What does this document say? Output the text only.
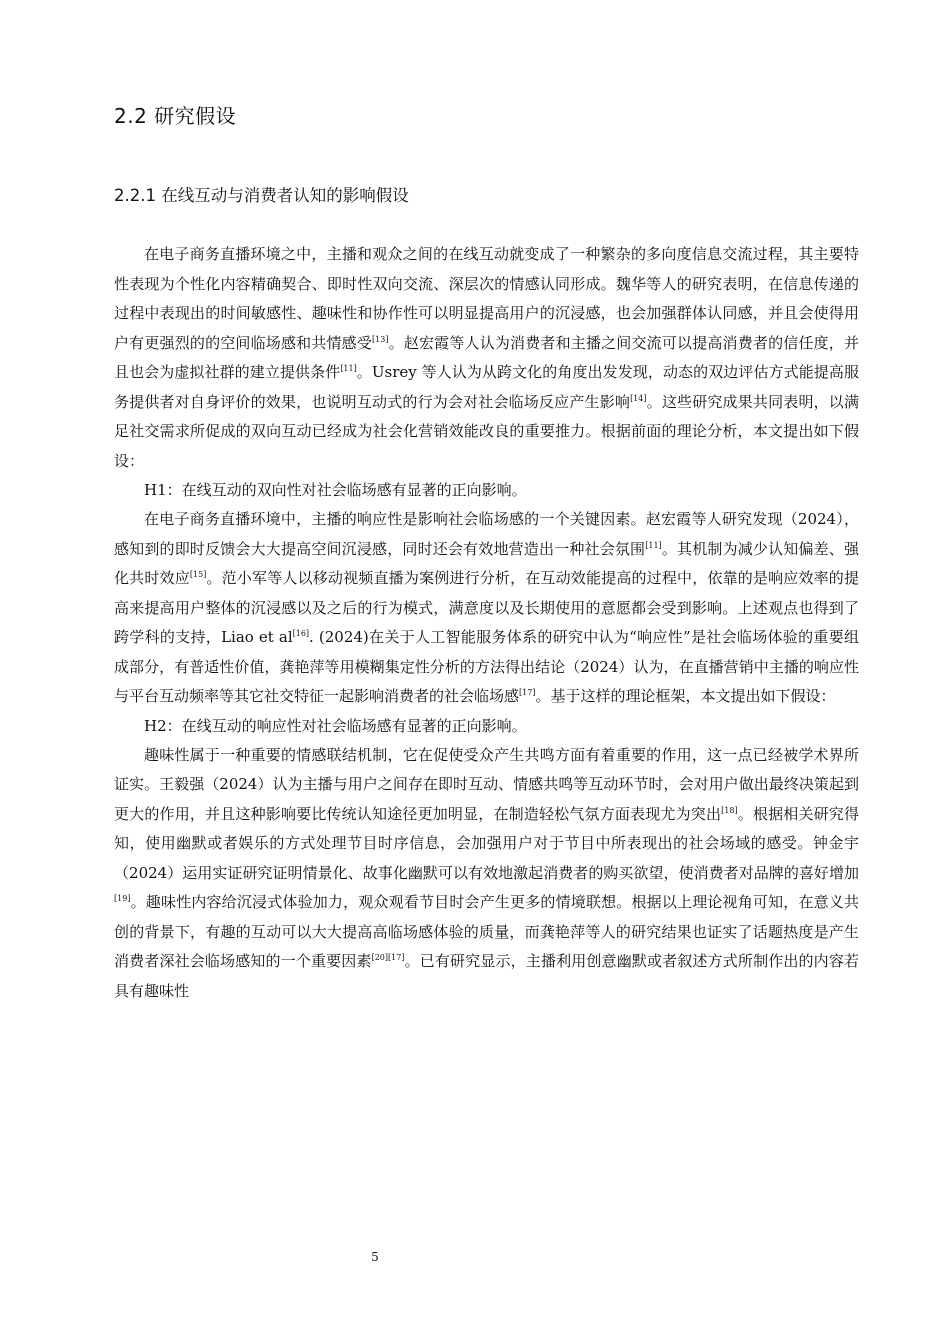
2.2 研究假设
2.2.1 在线互动与消费者认知的影响假设

在电子商务直播环境之中，主播和观众之间的在线互动就变成了一种繁杂的多向度信息交流过程，其主要特性表现为个性化内容精确契合、即时性双向交流、深层次的情感认同形成。魏华等人的研究表明，在信息传递的过程中表现出的时间敏感性、趣味性和协作性可以明显提高用户的沉浸感，也会加强群体认同感，并且会使得用户有更强烈的的空间临场感和共情感受[13]。赵宏霞等人认为消费者和主播之间交流可以提高消费者的信任度，并且也会为虚拟社群的建立提供条件[11]。Usrey 等人认为从跨文化的角度出发发现，动态的双边评估方式能提高服务提供者对自身评价的效果，也说明互动式的行为会对社会临场反应产生影响[14]。这些研究成果共同表明，以满足社交需求所促成的双向互动已经成为社会化营销效能改良的重要推力。根据前面的理论分析，本文提出如下假设：

H1：在线互动的双向性对社会临场感有显著的正向影响。

在电子商务直播环境中，主播的响应性是影响社会临场感的一个关键因素。赵宏霞等人研究发现（2024），感知到的即时反馈会大大提高空间沉浸感，同时还会有效地营造出一种社会氛围[11]。其机制为减少认知偏差、强化共时效应[15]。范小军等人以移动视频直播为案例进行分析，在互动效能提高的过程中，依靠的是响应效率的提高来提高用户整体的沉浸感以及之后的行为模式，满意度以及长期使用的意愿都会受到影响。上述观点也得到了跨学科的支持，Liao et al[16]. (2024)在关于人工智能服务体系的研究中认为“响应性”是社会临场体验的重要组成部分，有普适性价值，龚艳萍等用模糊集定性分析的方法得出结论（2024）认为，在直播营销中主播的响应性与平台互动频率等其它社交特征一起影响消费者的社会临场感[17]。基于这样的理论框架，本文提出如下假设：

H2：在线互动的响应性对社会临场感有显著的正向影响。

趣味性属于一种重要的情感联结机制，它在促使受众产生共鸣方面有着重要的作用，这一点已经被学术界所证实。王毅强（2024）认为主播与用户之间存在即时互动、情感共鸣等互动环节时，会对用户做出最终决策起到更大的作用，并且这种影响要比传统认知途径更加明显，在制造轻松气氛方面表现尤为突出[18]。根据相关研究得知，使用幽默或者娱乐的方式处理节目时序信息，会加强用户对于节目中所表现出的社会场域的感受。钟金宇（2024）运用实证研究证明情景化、故事化幽默可以有效地激起消费者的购买欲望，使消费者对品牌的喜好增加[19]。趣味性内容给沉浸式体验加力，观众观看节目时会产生更多的情境联想。根据以上理论视角可知，在意义共创的背景下，有趣的互动可以大大提高高临场感体验的质量，而龚艳萍等人的研究结果也证实了话题热度是产生消费者深社会临场感知的一个重要因素[20][17]。已有研究显示，主播利用创意幽默或者叙述方式所制作出的内容若具有趣味性

5
